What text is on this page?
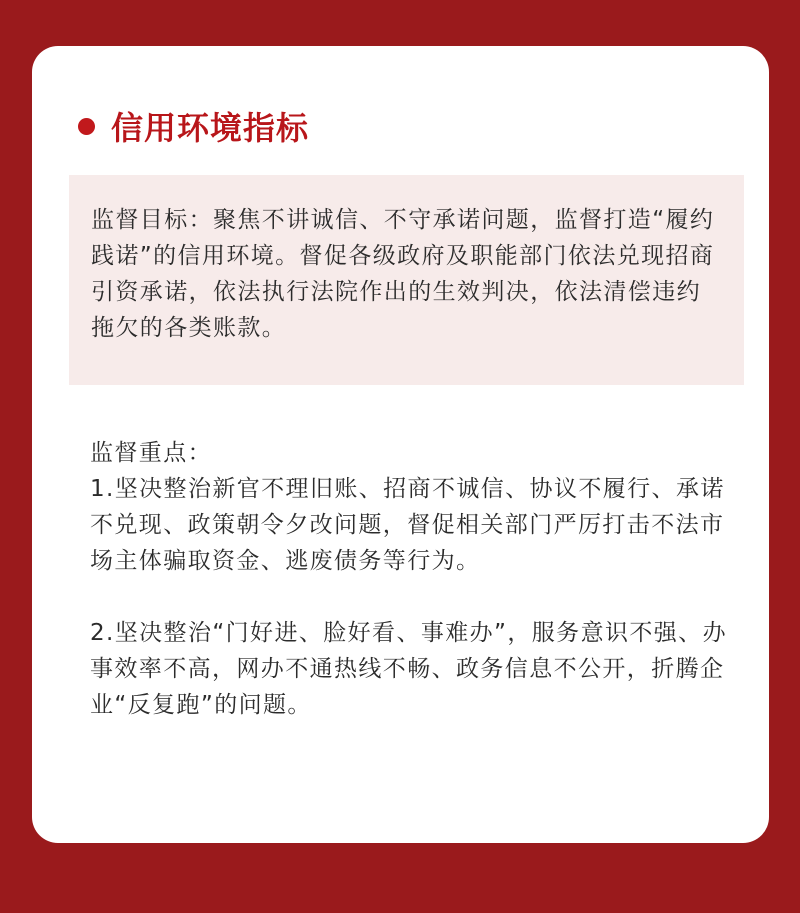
信用环境指标

监督目标：聚焦不讲诚信、不守承诺问题，监督打造“履约践诺”的信用环境。督促各级政府及职能部门依法兑现招商引资承诺，依法执行法院作出的生效判决，依法清偿违约拖欠的各类账款。

监督重点：

1.坚决整治新官不理旧账、招商不诚信、协议不履行、承诺不兑现、政策朝令夕改问题，督促相关部门严厉打击不法市场主体骗取资金、逃废债务等行为。

2.坚决整治“门好进、脸好看、事难办”，服务意识不强、办事效率不高，网办不通热线不畅、政务信息不公开，折腾企业“反复跑”的问题。
